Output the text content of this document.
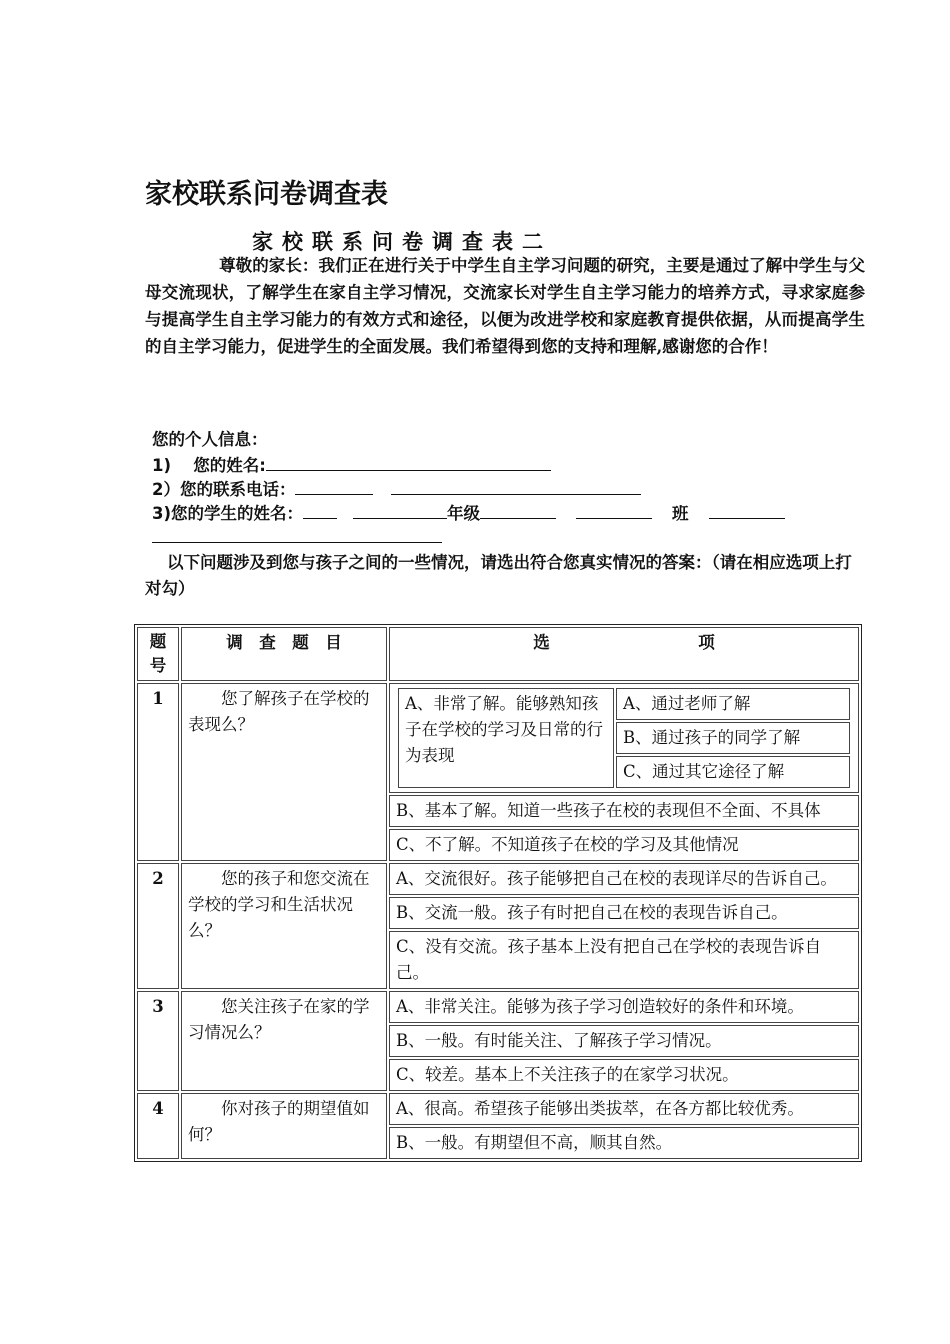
家校联系问卷调查表
家校联系问卷调查表二
尊敬的家长：我们正在进行关于中学生自主学习问题的研究，主要是通过了解中学生与父母交流现状，了解学生在家自主学习情况，交流家长对学生自主学习能力的培养方式，寻求家庭参与提高学生自主学习能力的有效方式和途径，以便为改进学校和家庭教育提供依据，从而提高学生的自主学习能力，促进学生的全面发展。我们希望得到您的支持和理解,感谢您的合作！
您的个人信息：
1)　 您的姓名:
2）您的联系电话：
3)您的学生的姓名：	年级	班
以下问题涉及到您与孩子之间的一些情况，请选出符合您真实情况的答案：（请在相应选项上打对勾）
题号	调　查　题　目	选　　　　　　　　　项
1	您了解孩子在学校的表现么？	
A、非常了解。能够熟知孩子在学校的学习及日常的行为表现	A、通过老师了解
B、通过孩子的同学了解
C、通过其它途径了解

B、基本了解。知道一些孩子在校的表现但不全面、不具体
C、不了解。不知道孩子在校的学习及其他情况
2	您的孩子和您交流在学校的学习和生活状况么？	A、交流很好。孩子能够把自己在校的表现详尽的告诉自己。
B、交流一般。孩子有时把自己在校的表现告诉自己。
C、没有交流。孩子基本上没有把自己在学校的表现告诉自己。
3	您关注孩子在家的学习情况么？	A、非常关注。能够为孩子学习创造较好的条件和环境。
B、一般。有时能关注、了解孩子学习情况。
C、较差。基本上不关注孩子的在家学习状况。
4	你对孩子的期望值如何？	A、很高。希望孩子能够出类拔萃，在各方都比较优秀。
B、一般。有期望但不高，顺其自然。
